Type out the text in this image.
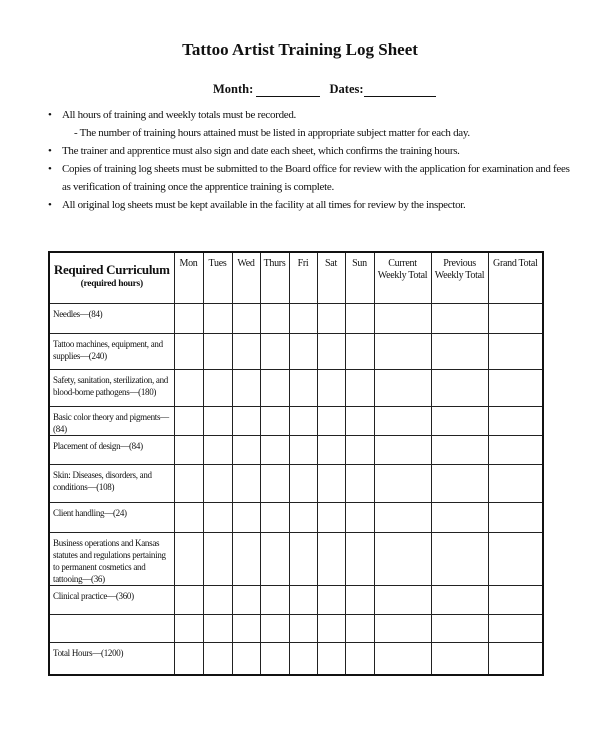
Tattoo Artist Training Log Sheet
Month:	Dates:
• All hours of training and weekly totals must be recorded.
- The number of training hours attained must be listed in appropriate subject matter for each day.
• The trainer and apprentice must also sign and date each sheet, which confirms the training hours.
• Copies of training log sheets must be submitted to the Board office for review with the application for examination and fees as verification of training once the apprentice training is complete.
• All original log sheets must be kept available in the facility at all times for review by the inspector.
Required Curriculum
(required hours)	Mon	Tues	Wed	Thurs	Fri	Sat	Sun	Current Weekly Total	Previous Weekly Total	Grand Total
Needles—(84)										
Tattoo machines, equipment, and supplies—(240)										
Safety, sanitation, sterilization, and blood-borne pathogens—(180)										
Basic color theory and pigments—(84)										
Placement of design—(84)										
Skin: Diseases, disorders, and conditions—(108)										
Client handling—(24)										
Business operations and Kansas statutes and regulations pertaining to permanent cosmetics and tattooing—(36)										
Clinical practice—(360)										

Total Hours—(1200)										
